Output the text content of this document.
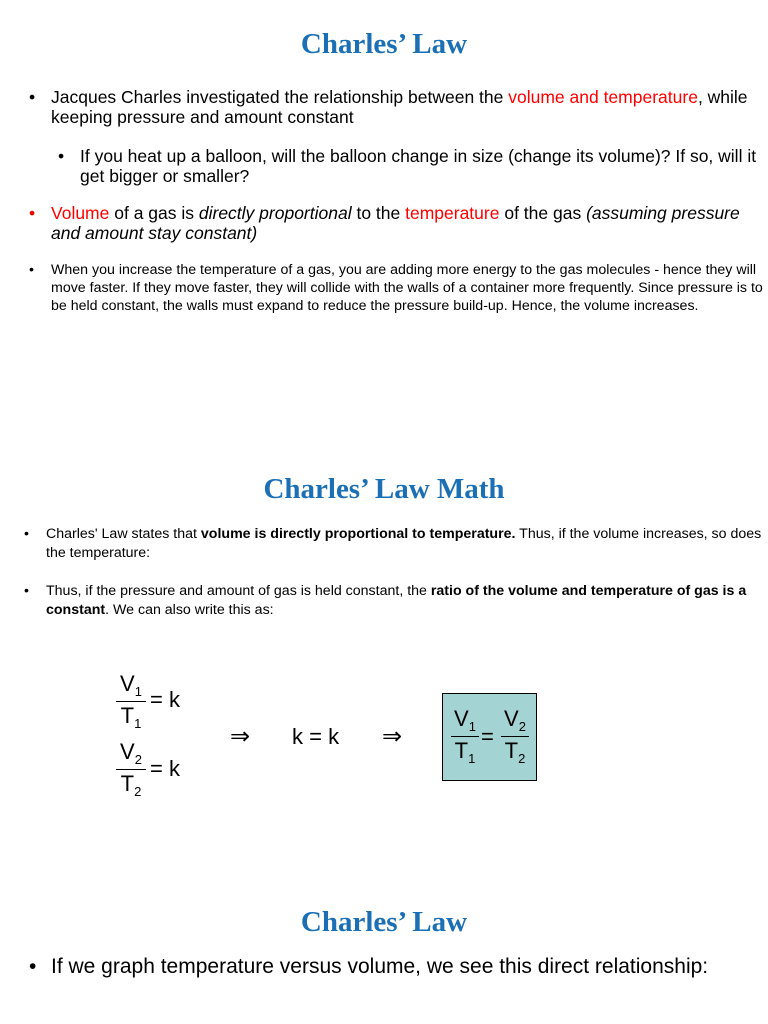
Charles’ Law

• Jacques Charles investigated the relationship between the volume and temperature, while keeping pressure and amount constant

• If you heat up a balloon, will the balloon change in size (change its volume)? If so, will it get bigger or smaller?

• Volume of a gas is directly proportional to the temperature of the gas (assuming pressure and amount stay constant)

• When you increase the temperature of a gas, you are adding more energy to the gas molecules - hence they will move faster. If they move faster, they will collide with the walls of a container more frequently. Since pressure is to be held constant, the walls must expand to reduce the pressure build-up. Hence, the volume increases.

Charles’ Law Math

• Charles' Law states that volume is directly proportional to temperature. Thus, if the volume increases, so does the temperature:

• Thus, if the pressure and amount of gas is held constant, the ratio of the volume and temperature of gas is a constant. We can also write this as:

$V_1$
$T_1$
= k
$V_2$
$T_2$
= k
⇒ k = k ⇒
$V_1$
$T_1$
=
$V_2$
$T_2$
Charles’ Law

• If we graph temperature versus volume, we see this direct relationship:
